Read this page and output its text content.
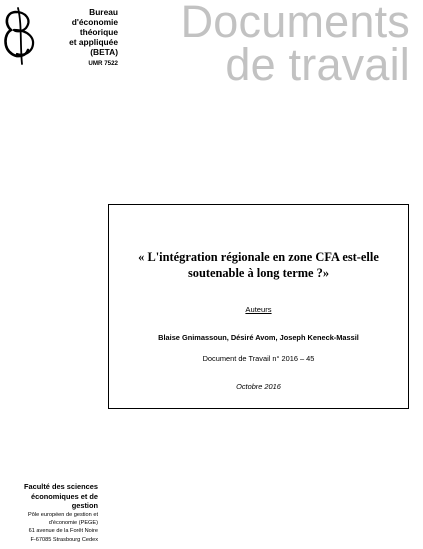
Bureau
d'économie
théorique
et appliquée
(BETA)
UMR 7522
Documents
de travail
« L'intégration régionale en zone CFA est-elle
soutenable à long terme ?»
Auteurs
Blaise Gnimassoun, Désiré Avom, Joseph Keneck-Massil
Document de Travail n° 2016 – 45
Octobre 2016
Faculté des sciences
économiques et de
gestion
Pôle européen de gestion et
d'économie (PEGE)
61 avenue de la Forêt Noire
F-67085 Strasbourg Cedex
